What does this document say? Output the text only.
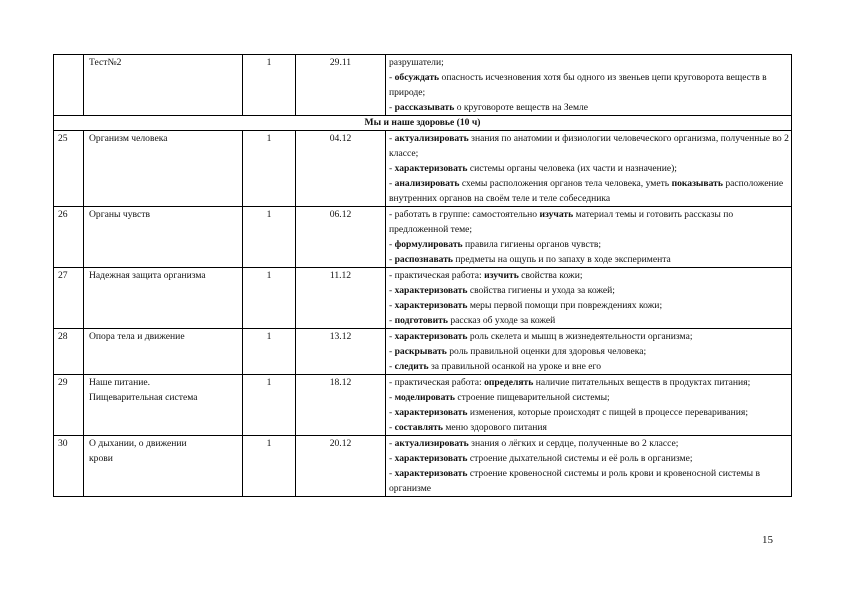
	Тест№2	1	29.11	разрушатели;
- обсуждать опасность исчезновения хотя бы одного из звеньев цепи круговорота веществ в природе;
- рассказывать о круговороте веществ на Земле

Мы и наше здоровье (10 ч)				
25	Организм человека	1	04.12	- актуализировать знания по анатомии и физиологии человеческого организма, полученные во 2 классе;
- характеризовать системы органы человека (их части и назначение);
- анализировать схемы расположения органов тела человека, уметь показывать расположение внутренних органов на своём теле и теле собеседника

26	Органы чувств	1	06.12	- работать в группе: самостоятельно изучать материал темы и готовить рассказы по предложенной теме;
- формулировать правила гигиены органов чувств;
- распознавать предметы на ощупь и по запаху в ходе эксперимента

27	Надежная защита организма	1	11.12	- практическая работа: изучить свойства кожи;
- характеризовать свойства гигиены и ухода за кожей;
- характеризовать меры первой помощи при повреждениях кожи;
- подготовить рассказ об уходе за кожей

28	Опора тела и движение	1	13.12	- характеризовать роль скелета и мышц в жизнедеятельности организма;
- раскрывать роль правильной оценки для здоровья человека;
- следить за правильной осанкой на уроке и вне его

29	Наше питание.
Пищеварительная система	1	18.12	- практическая работа: определять наличие питательных веществ в продуктах питания;
- моделировать строение пищеварительной системы;
- характеризовать изменения, которые происходят с пищей в процессе переваривания;
- составлять меню здорового питания

30	О дыхании, о движении
крови	1	20.12	- актуализировать знания о лёгких и сердце, полученные во 2 классе;
- характеризовать строение дыхательной системы и её роль в организме;
- характеризовать строение кровеносной системы и роль крови и кровеносной системы в организме
15
